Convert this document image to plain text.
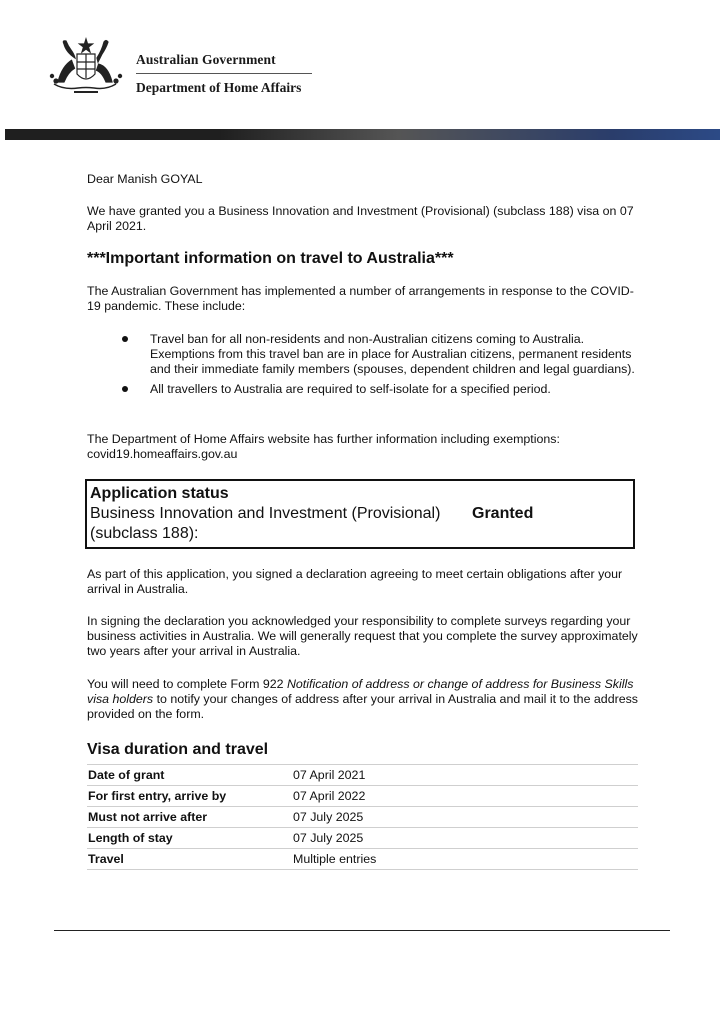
Australian Government
Department of Home Affairs

Dear Manish GOYAL

We have granted you a Business Innovation and Investment (Provisional) (subclass 188) visa on 07 April 2021.

***Important information on travel to Australia***

The Australian Government has implemented a number of arrangements in response to the COVID-19 pandemic. These include:

Travel ban for all non-residents and non-Australian citizens coming to Australia. Exemptions from this travel ban are in place for Australian citizens, permanent residents and their immediate family members (spouses, dependent children and legal guardians).
All travellers to Australia are required to self-isolate for a specified period.

The Department of Home Affairs website has further information including exemptions:
covid19.homeaffairs.gov.au

As part of this application, you signed a declaration agreeing to meet certain obligations after your arrival in Australia.

In signing the declaration you acknowledged your responsibility to complete surveys regarding your business activities in Australia. We will generally request that you complete the survey approximately two years after your arrival in Australia.

You will need to complete Form 922 Notification of address or change of address for Business Skills visa holders to notify your changes of address after your arrival in Australia and mail it to the address provided on the form.

Visa duration and travel
Date of grant	07 April 2021
For first entry, arrive by	07 April 2022
Must not arrive after	07 July 2025
Length of stay	07 July 2025
Travel	Multiple entries
Application status
Business Innovation and Investment (Provisional)
(subclass 188):
Granted
